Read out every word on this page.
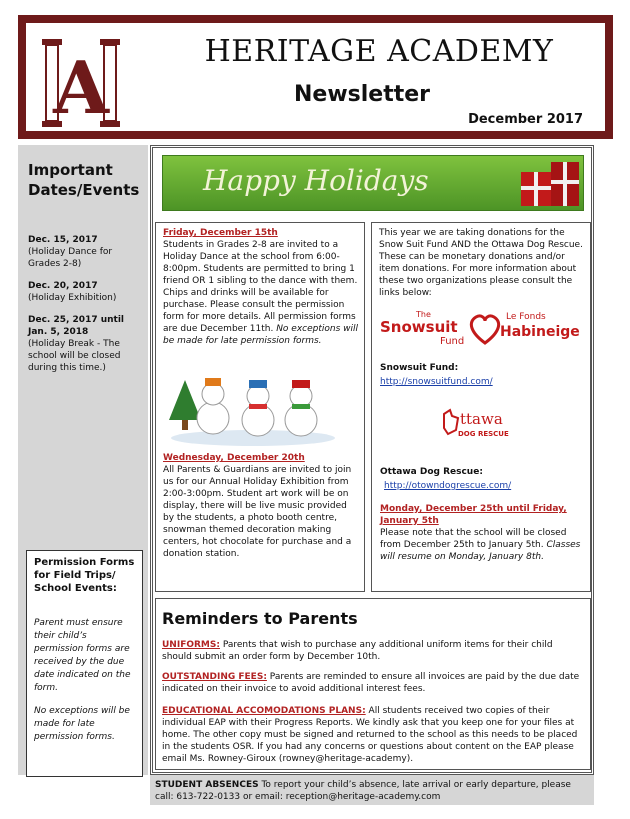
A	HERITAGE ACADEMY
Newsletter
December 2017
Important Dates/Events
Dec. 15, 2017
(Holiday Dance for Grades 2-8)
Dec. 20, 2017
(Holiday Exhibition)
Dec. 25, 2017 until Jan. 5, 2018
(Holiday Break - The school will be closed during this time.)
Permission Forms for Field Trips/ School Events:

Parent must ensure their child’s permission forms are received by the due date indicated on the form.

No exceptions will be made for late permission forms.

Happy Holidays
Friday, December 15th
Students in Grades 2-8 are invited to a Holiday Dance at the school from 6:00-8:00pm. Students are permitted to bring 1 friend OR 1 sibling to the dance with them. Chips and drinks will be available for purchase. Please consult the permission form for more details. All permission forms are due December 11th. No exceptions will be made for late permission forms.
Wednesday, December 20th
All Parents & Guardians are invited to join us for our Annual Holiday Exhibition from 2:00-3:00pm. Student art work will be on display, there will be live music provided by the students, a photo booth centre, snowman themed decoration making centers, hot chocolate for purchase and a donation station.
This year we are taking donations for the Snow Suit Fund AND the Ottawa Dog Rescue. These can be monetary donations and/or item donations. For more information about these two organizations please consult the links below:
The
Snowsuit
Fund
Le Fonds
Habineige
Snowsuit Fund:
http://snowsuitfund.com/
ttawa
DOG RESCUE
Ottawa Dog Rescue:
http://otowndogrescue.com/
Monday, December 25th until Friday, January 5th
Please note that the school will be closed from December 25th to January 5th. Classes will resume on Monday, January 8th.
Reminders to Parents
UNIFORMS: Parents that wish to purchase any additional uniform items for their child should submit an order form by December 10th.
OUTSTANDING FEES: Parents are reminded to ensure all invoices are paid by the due date indicated on their invoice to avoid additional interest fees.
EDUCATIONAL ACCOMODATIONS PLANS: All students received two copies of their individual EAP with their Progress Reports. We kindly ask that you keep one for your files at home. The other copy must be signed and returned to the school as this needs to be placed in the students OSR. If you had any concerns or questions about content on the EAP please email Ms. Rowney-Giroux (rowney@heritage-academy).
STUDENT ABSENCES To report your child’s absence, late arrival or early departure, please call: 613-722-0133 or email: reception@heritage-academy.com
